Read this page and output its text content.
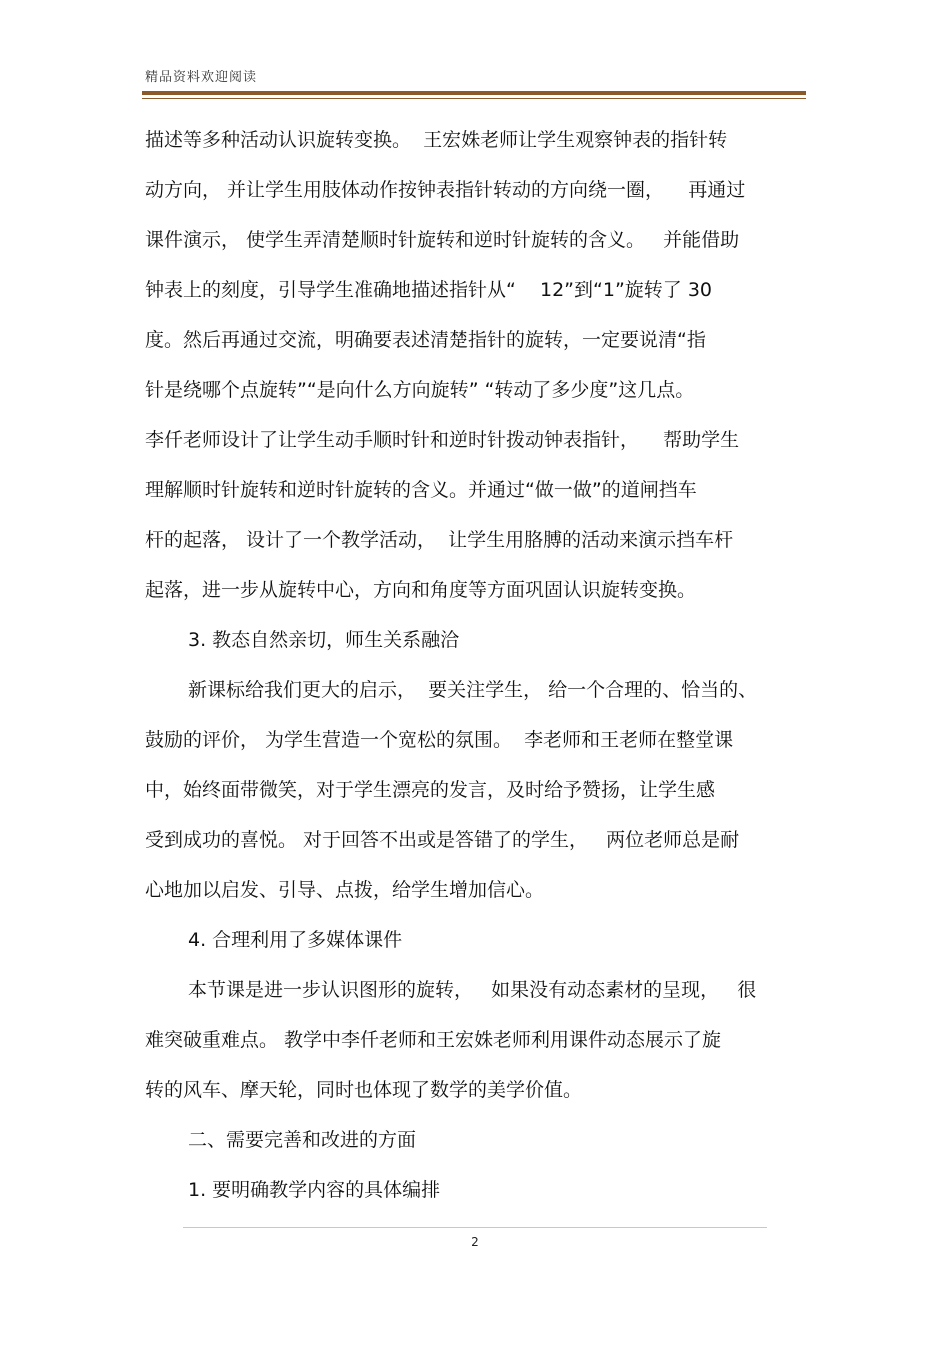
精品资料欢迎阅读
描述等多种活动认识旋转变换。  王宏姝老师让学生观察钟表的指针转
动方向， 并让学生用肢体动作按钟表指针转动的方向绕一圈，    再通过
课件演示， 使学生弄清楚顺时针旋转和逆时针旋转的含义。   并能借助
钟表上的刻度，引导学生准确地描述指针从“    12”到“1”旋转了 30
度。然后再通过交流，明确要表述清楚指针的旋转，一定要说清“指
针是绕哪个点旋转”“是向什么方向旋转” “转动了多少度”这几点。
李仟老师设计了让学生动手顺时针和逆时针拨动钟表指针，    帮助学生
理解顺时针旋转和逆时针旋转的含义。并通过“做一做”的道闸挡车
杆的起落， 设计了一个教学活动，  让学生用胳膊的活动来演示挡车杆
起落，进一步从旋转中心，方向和角度等方面巩固认识旋转变换。
3. 教态自然亲切，师生关系融洽
新课标给我们更大的启示，  要关注学生， 给一个合理的、恰当的、
鼓励的评价， 为学生营造一个宽松的氛围。  李老师和王老师在整堂课
中，始终面带微笑，对于学生漂亮的发言，及时给予赞扬，让学生感
受到成功的喜悦。 对于回答不出或是答错了的学生，   两位老师总是耐
心地加以启发、引导、点拨，给学生增加信心。
4. 合理利用了多媒体课件
本节课是进一步认识图形的旋转，   如果没有动态素材的呈现，   很
难突破重难点。 教学中李仟老师和王宏姝老师利用课件动态展示了旋
转的风车、摩天轮，同时也体现了数学的美学价值。
二、需要完善和改进的方面
1. 要明确教学内容的具体编排
2
